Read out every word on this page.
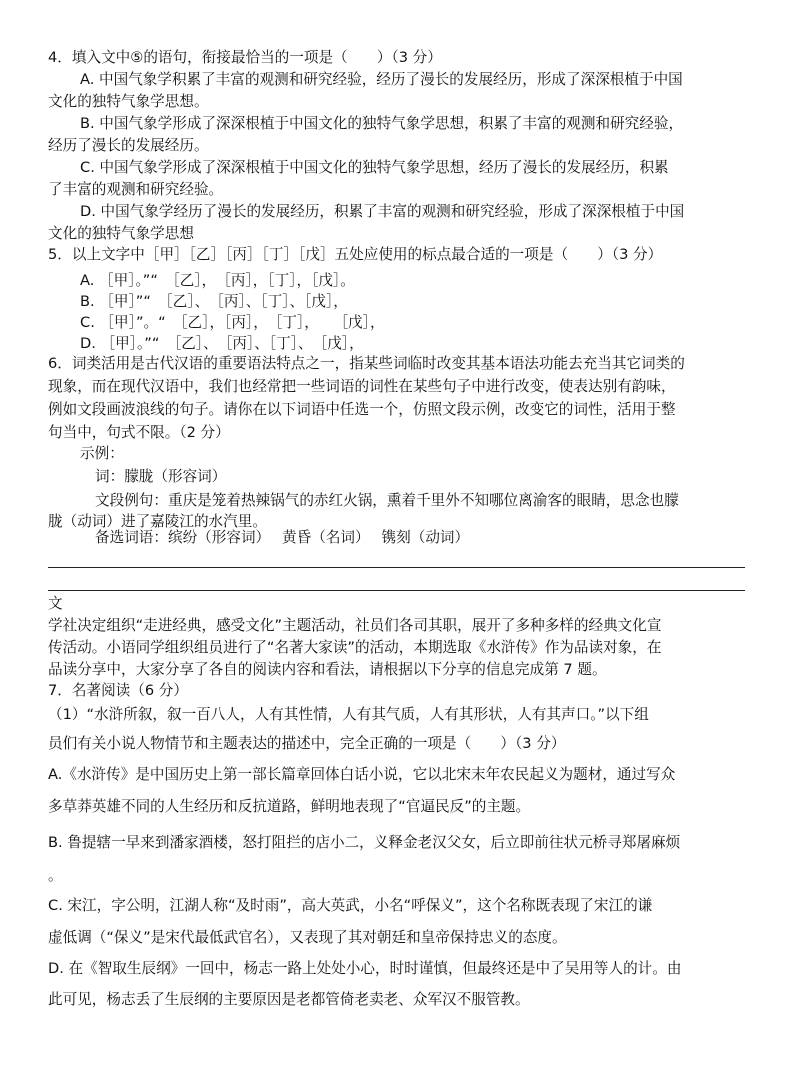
4．填入文中⑤的语句，衔接最恰当的一项是（　　）（3 分）
A. 中国气象学积累了丰富的观测和研究经验，经历了漫长的发展经历，形成了深深根植于中国
文化的独特气象学思想。
B. 中国气象学形成了深深根植于中国文化的独特气象学思想，积累了丰富的观测和研究经验，
经历了漫长的发展经历。
C. 中国气象学形成了深深根植于中国文化的独特气象学思想，经历了漫长的发展经历，积累
了丰富的观测和研究经验。
D. 中国气象学经历了漫长的发展经历，积累了丰富的观测和研究经验，形成了深深根植于中国
文化的独特气象学思想
5．以上文字中［甲］［乙］［丙］［丁］［戊］五处应使用的标点最合适的一项是（　　）（3 分）
A. ［甲］。”“　［乙］，　［丙］，［丁］，［戊］。
B. ［甲］”“　［乙］、　［丙］、［丁］、［戊］，
C. ［甲］”。“　［乙］，［丙］，　［丁］，　　［戊］，
D. ［甲］。”“　［乙］、　［丙］、［丁］、　［戊］，
6．词类活用是古代汉语的重要语法特点之一，指某些词临时改变其基本语法功能去充当其它词类的
现象，而在现代汉语中，我们也经常把一些词语的词性在某些句子中进行改变，使表达别有韵味，
例如文段画波浪线的句子。请你在以下词语中任选一个，仿照文段示例，改变它的词性，活用于整
句当中，句式不限。（2 分）
示例：
词：朦胧（形容词）
文段例句：重庆是笼着热辣锅气的赤红火锅，熏着千里外不知哪位离渝客的眼睛，思念也朦
胧（动词）进了嘉陵江的水汽里。
备选词语：缤纷（形容词）　 黄昏（名词）　 镌刻（动词）
文
学社决定组织“走进经典，感受文化”主题活动，社员们各司其职，展开了多种多样的经典文化宣
传活动。小语同学组织组员进行了“名著大家读”的活动，本期选取《水浒传》作为品读对象，在
品读分享中，大家分享了各自的阅读内容和看法，请根据以下分享的信息完成第 7 题。
7．名著阅读（6 分）
（1）“水浒所叙，叙一百八人，人有其性情，人有其气质，人有其形状，人有其声口。”以下组
员们有关小说人物情节和主题表达的描述中，完全正确的一项是（　　）（3 分）
A.《水浒传》是中国历史上第一部长篇章回体白话小说，它以北宋末年农民起义为题材，通过写众
多草莽英雄不同的人生经历和反抗道路，鲜明地表现了“官逼民反”的主题。
B. 鲁提辖一早来到潘家酒楼，怒打阻拦的店小二，义释金老汉父女，后立即前往状元桥寻郑屠麻烦
。
C. 宋江，字公明，江湖人称“及时雨”，高大英武，小名“呼保义”，这个名称既表现了宋江的谦
虚低调（“保义”是宋代最低武官名），又表现了其对朝廷和皇帝保持忠义的态度。
D. 在《智取生辰纲》一回中，杨志一路上处处小心，时时谨慎，但最终还是中了吴用等人的计。由
此可见，杨志丢了生辰纲的主要原因是老都管倚老卖老、众军汉不服管教。
